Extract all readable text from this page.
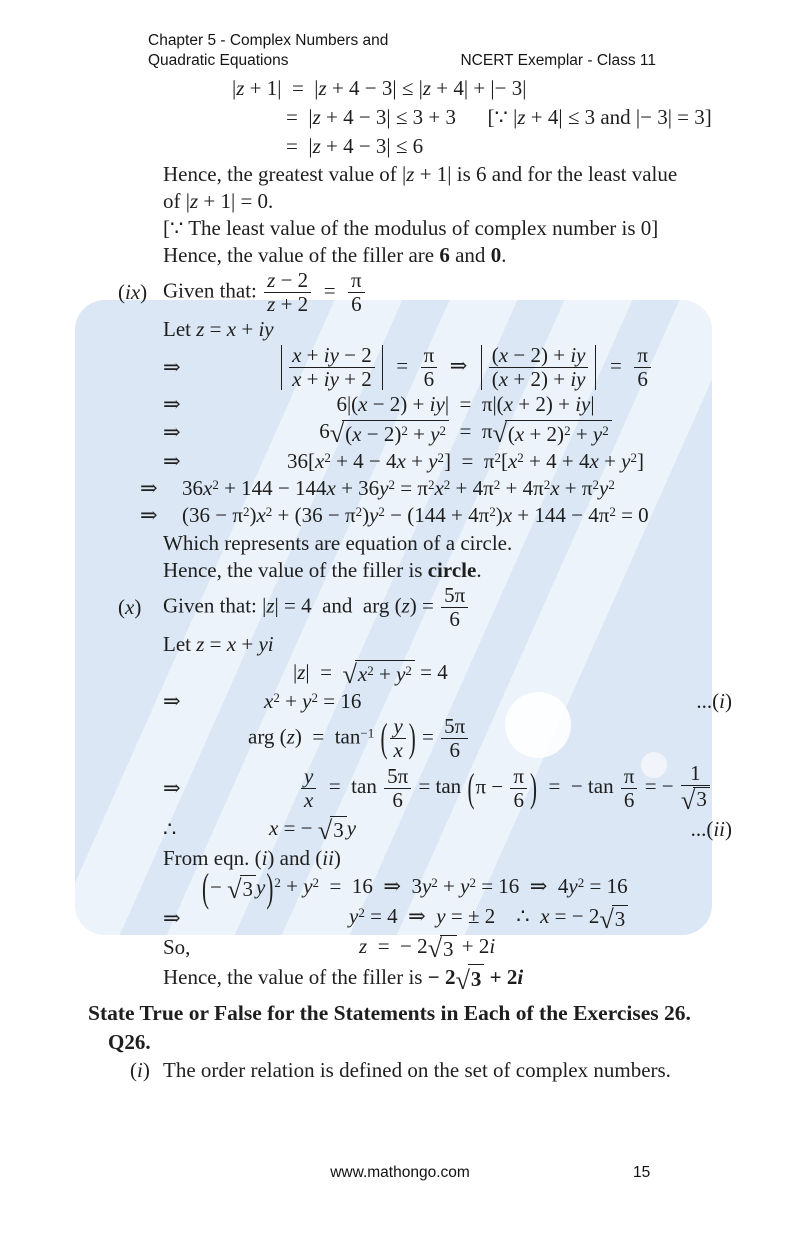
Chapter 5 - Complex Numbers and
Quadratic Equations	NCERT Exemplar - Class 11
|z + 1| = |z + 4 − 3| ≤ |z + 4| + |− 3|
= |z + 4 − 3| ≤ 3 + 3  [∵ |z + 4| ≤ 3 and |− 3| = 3]
= |z + 4 − 3| ≤ 6
Hence, the greatest value of |z + 1| is 6 and for the least value
of |z + 1| = 0.
[∵ The least value of the modulus of complex number is 0]
Hence, the value of the filler are 6 and 0.
(ix) Given that: $\frac{z - 2}{z + 2}$  =  $\frac{\pi}{6}$
Let z = x + iy
⇒	$\frac{x + iy - 2}{x + iy + 2}$  =  $\frac{\pi}{6}$  ⇒  $\frac{(x - 2) + iy}{(x + 2) + iy}$  =  $\frac{\pi}{6}$
⇒	6|(x − 2) + iy| = π|(x + 2) + iy|
⇒	6 √ $(x - 2)^2 + y^2$  = π √ $(x + 2)^2 + y^2$
⇒	$36[x^2 + 4 - 4x + y^2]$ = $\pi^2[x^2 + 4 + 4x + y^2]$
⇒	$36x^2 + 144 - 144x + 36y^2 = \pi^2x^2 + 4\pi^2 + 4\pi^2x + \pi^2y^2$
⇒	$(36 - \pi^2)x^2 + (36 - \pi^2)y^2 - (144 + 4\pi^2)x + 144 - 4\pi^2 = 0$
Which represents are equation of a circle.
Hence, the value of the filler is circle.
(x)	Given that: |z| = 4 and arg $(z) = \frac{5\pi}{6}$
Let z = x + yi
|z| =  √ $x^2 + y^2 = 4$
⇒	$x^2 + y^2 = 16$	...(i)
arg (z) = $\tan^{-1}$ ( $\frac{y}{x}$ ) = $\frac{5\pi}{6}$
⇒	$\frac{y}{x}$  = $\tan \frac{5\pi}{6} = \tan$ ( $\pi - \frac{\pi}{6}$ )  = − $\tan \frac{\pi}{6}$ = − $\frac{1}{√ 3}$
∴	x = − √ 3 y	...(ii)
From eqn. (i) and (ii)
( − √ 3 y ) $^2 + y^2$ = 16 ⇒ $3y^2 + y^2 = 16$ ⇒ $4y^2 = 16$
⇒	$y^2 = 4$ ⇒ y = ± 2 ∴ x = − 2 √ 3
So,	z = − 2 √ 3 + 2i
Hence, the value of the filler is − 2 √ 3 + 2i
State True or False for the Statements in Each of the Exercises 26.
Q26.
(i) The order relation is defined on the set of complex numbers.
www.mathongo.com	15
